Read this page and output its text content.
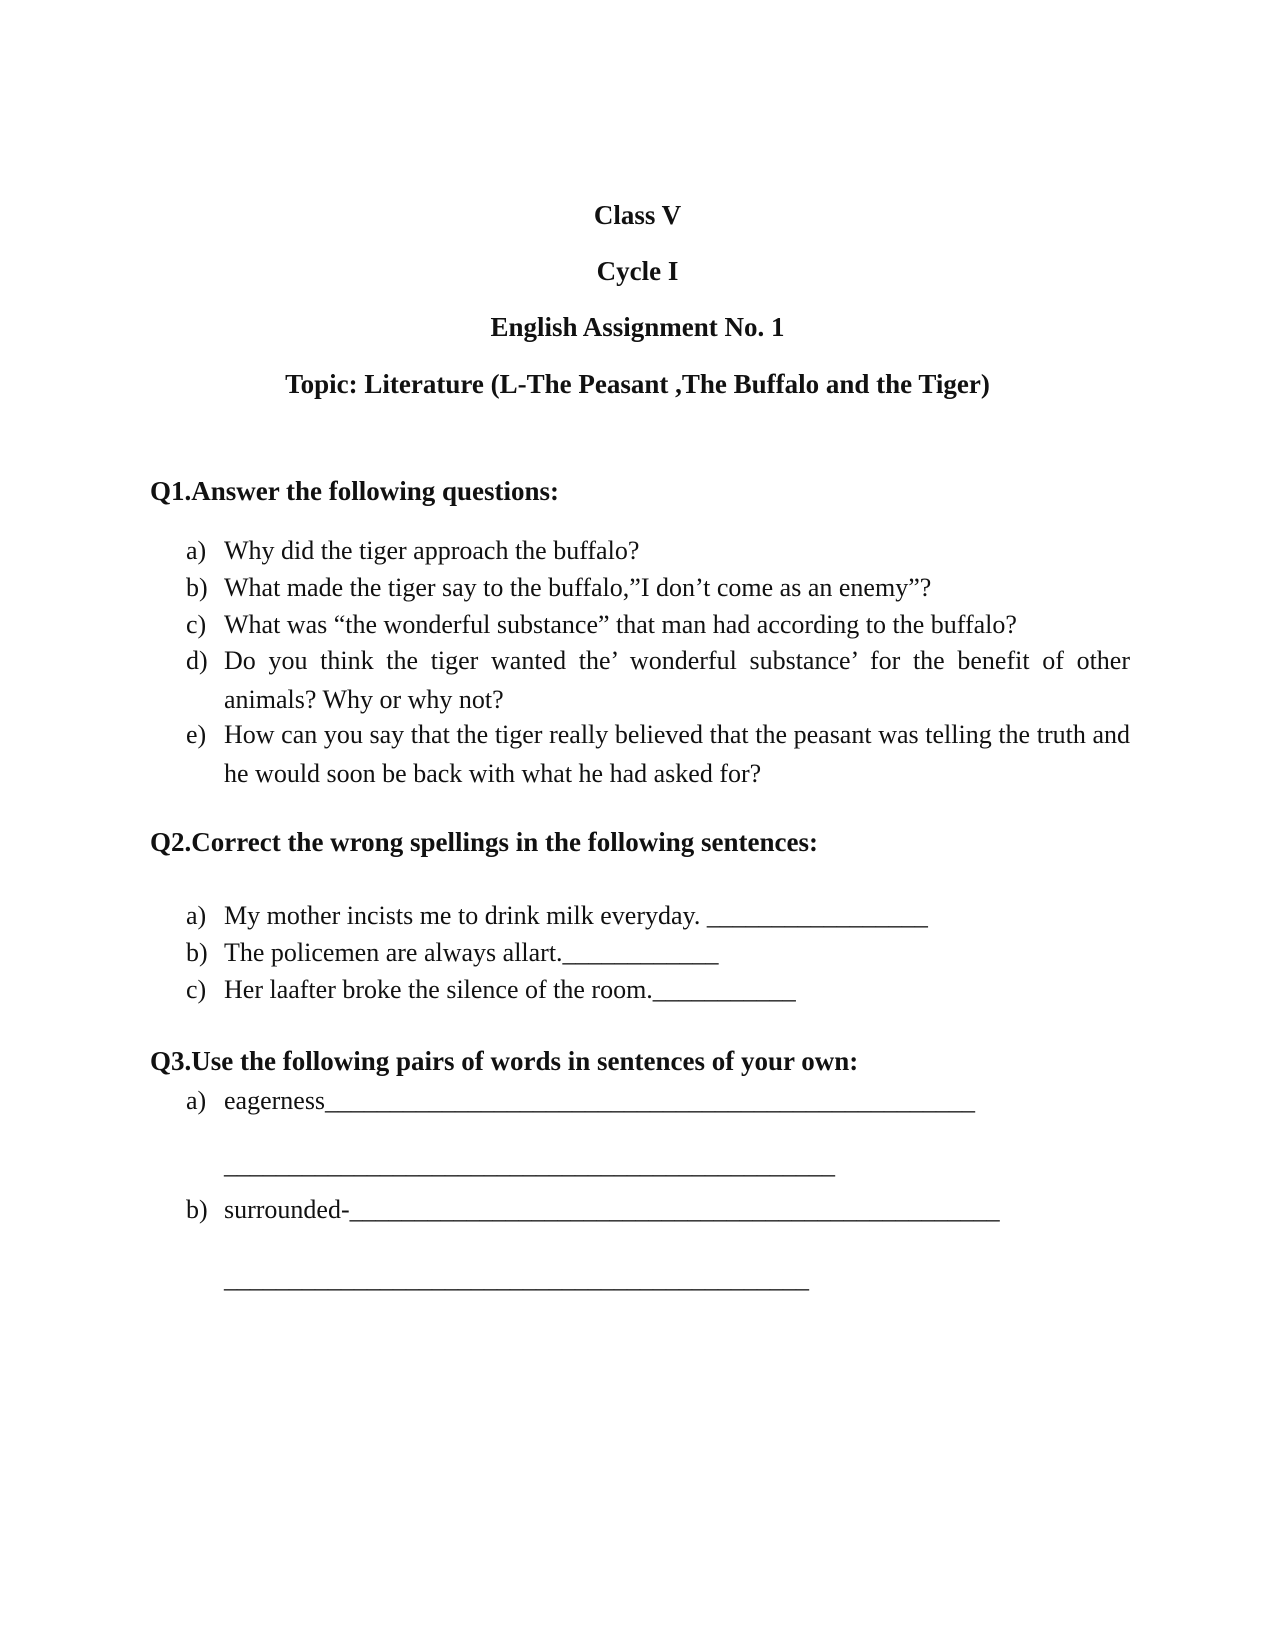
Class V
Cycle I
English Assignment No. 1
Topic: Literature (L-The Peasant ,The Buffalo and the Tiger)
Q1.Answer the following questions:
a) Why did the tiger approach the buffalo?
b) What made the tiger say to the buffalo,”I don’t come as an enemy”?
c) What was “the wonderful substance” that man had according to the buffalo?
d) Do you think the tiger wanted the’ wonderful substance’ for the benefit of other animals? Why or why not?
e) How can you say that the tiger really believed that the peasant was telling the truth and he would soon be back with what he had asked for?
Q2.Correct the wrong spellings in the following sentences:
a) My mother incists me to drink milk everyday. _________________
b) The policemen are always allart.____________
c) Her laafter broke the silence of the room.___________
Q3.Use the following pairs of words in sentences of your own:
a) eagerness__________________________________________________
_______________________________________________
b) surrounded-__________________________________________________
_____________________________________________
